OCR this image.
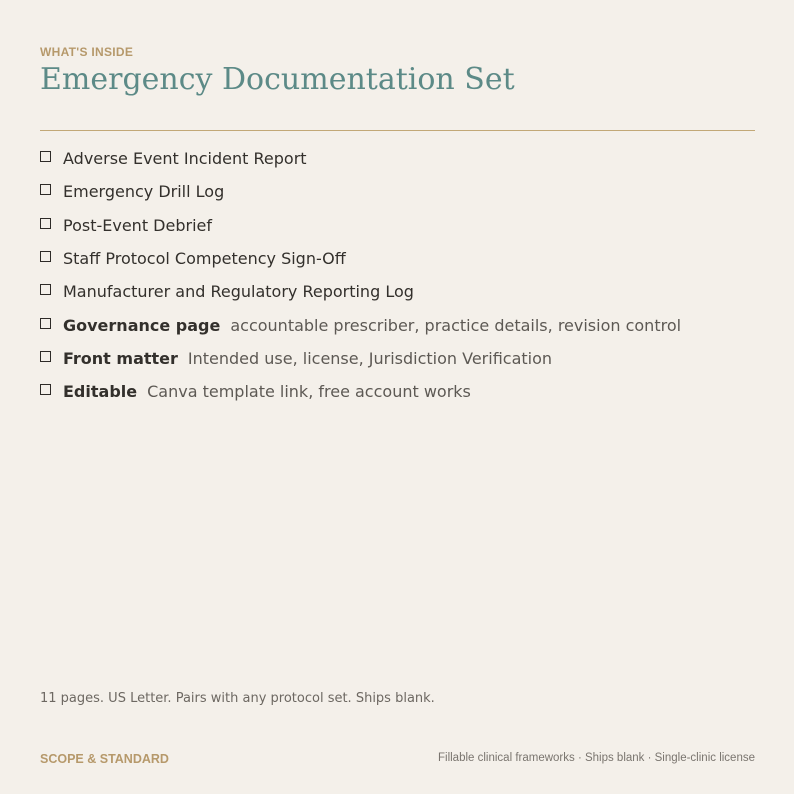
WHAT'S INSIDE
Emergency Documentation Set
Adverse Event Incident Report
Emergency Drill Log
Post-Event Debrief
Staff Protocol Competency Sign-Off
Manufacturer and Regulatory Reporting Log
Governance page accountable prescriber, practice details, revision control
Front matter Intended use, license, Jurisdiction Verification
Editable Canva template link, free account works

11 pages. US Letter. Pairs with any protocol set. Ships blank.

SCOPE & STANDARD	Fillable clinical frameworks · Ships blank · Single-clinic license
